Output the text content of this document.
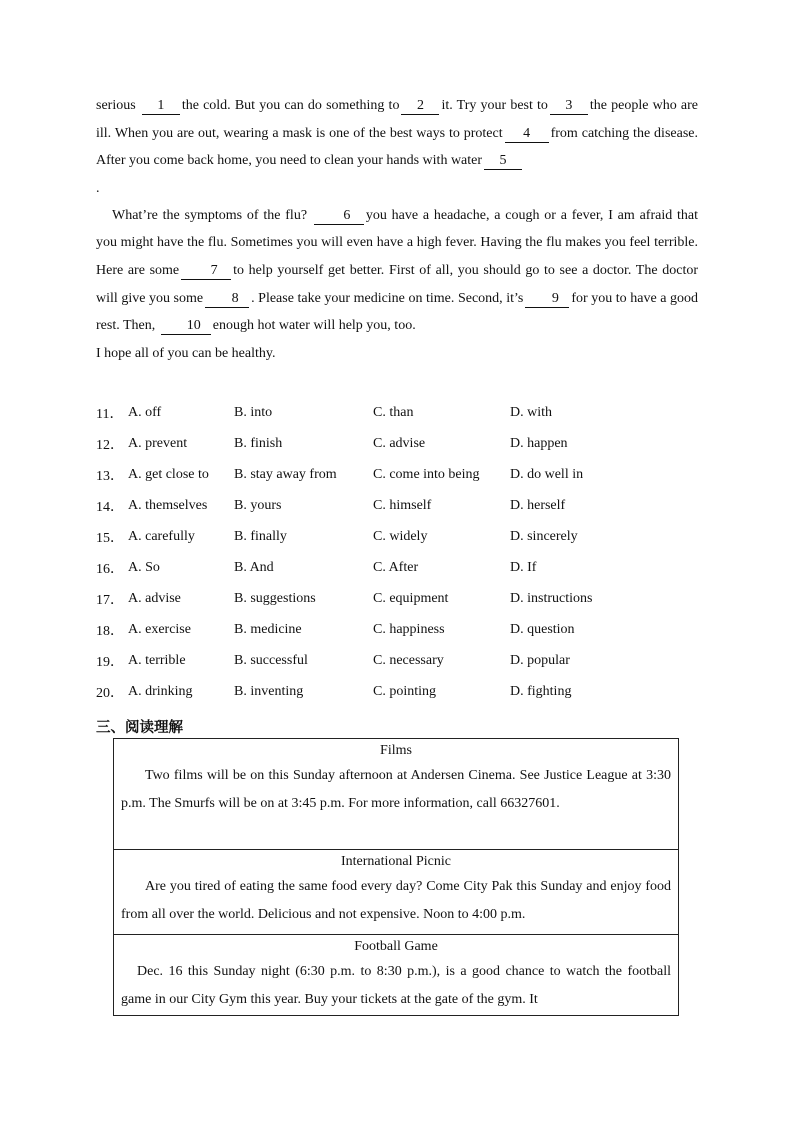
serious 1 the cold. But you can do something to 2 it. Try your best to 3 the people who are ill. When you are out, wearing a mask is one of the best ways to protect 4 from catching the disease. After you come back home, you need to clean your hands with water 5

.

What’re the symptoms of the flu? 6 you have a headache, a cough or a fever, I am afraid that you might have the flu. Sometimes you will even have a high fever. Having the flu makes you feel terrible. Here are some 7 to help yourself get better. First of all, you should go to see a doctor. The doctor will give you some 8 . Please take your medicine on time. Second, it’s 9 for you to have a good rest. Then, 10 enough hot water will help you, too.

I hope all of you can be healthy.

11． A. off	B. into	C. than	D. with
12． A. prevent	B. finish	C. advise	D. happen
13． A. get close to	B. stay away from	C. come into being	D. do well in
14． A. themselves	B. yours	C. himself	D. herself
15． A. carefully	B. finally	C. widely	D. sincerely
16． A. So	B. And	C. After	D. If
17． A. advise	B. suggestions	C. equipment	D. instructions
18． A. exercise	B. medicine	C. happiness	D. question
19． A. terrible	B. successful	C. necessary	D. popular
20． A. drinking	B. inventing	C. pointing	D. fighting
三、阅读理解
Films

Two films will be on this Sunday afternoon at Andersen Cinema. See Justice League at 3:30 p.m. The Smurfs will be on at 3:45 p.m. For more information, call 66327601.

International Picnic

Are you tired of eating the same food every day? Come City Pak this Sunday and enjoy food from all over the world. Delicious and not expensive. Noon to 4:00 p.m.

Football Game

Dec. 16 this Sunday night (6:30 p.m. to 8:30 p.m.), is a good chance to watch the football game in our City Gym this year. Buy your tickets at the gate of the gym. It
